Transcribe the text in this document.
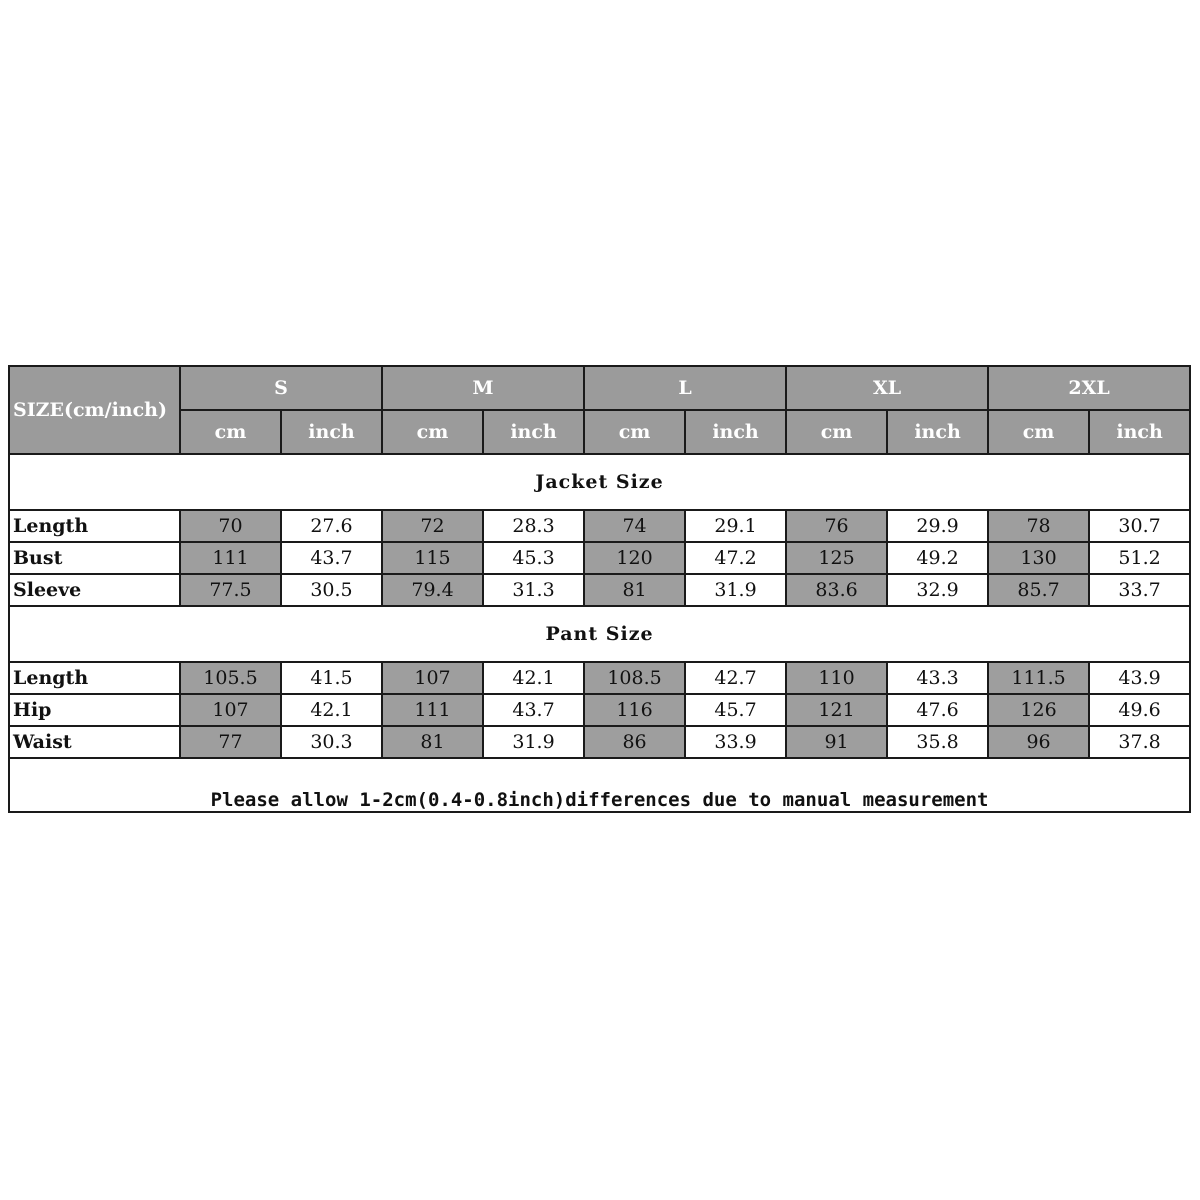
SIZE(cm/inch)	S		M		L		XL		2XL	
	cm	inch	cm	inch	cm	inch	cm	inch	cm	inch
Jacket Size										
Length	70	27.6	72	28.3	74	29.1	76	29.9	78	30.7
Bust	111	43.7	115	45.3	120	47.2	125	49.2	130	51.2
Sleeve	77.5	30.5	79.4	31.3	81	31.9	83.6	32.9	85.7	33.7
Pant Size										
Length	105.5	41.5	107	42.1	108.5	42.7	110	43.3	111.5	43.9
Hip	107	42.1	111	43.7	116	45.7	121	47.6	126	49.6
Waist	77	30.3	81	31.9	86	33.9	91	35.8	96	37.8

Please allow 1-2cm(0.4-0.8inch)differences due to manual measurement										
